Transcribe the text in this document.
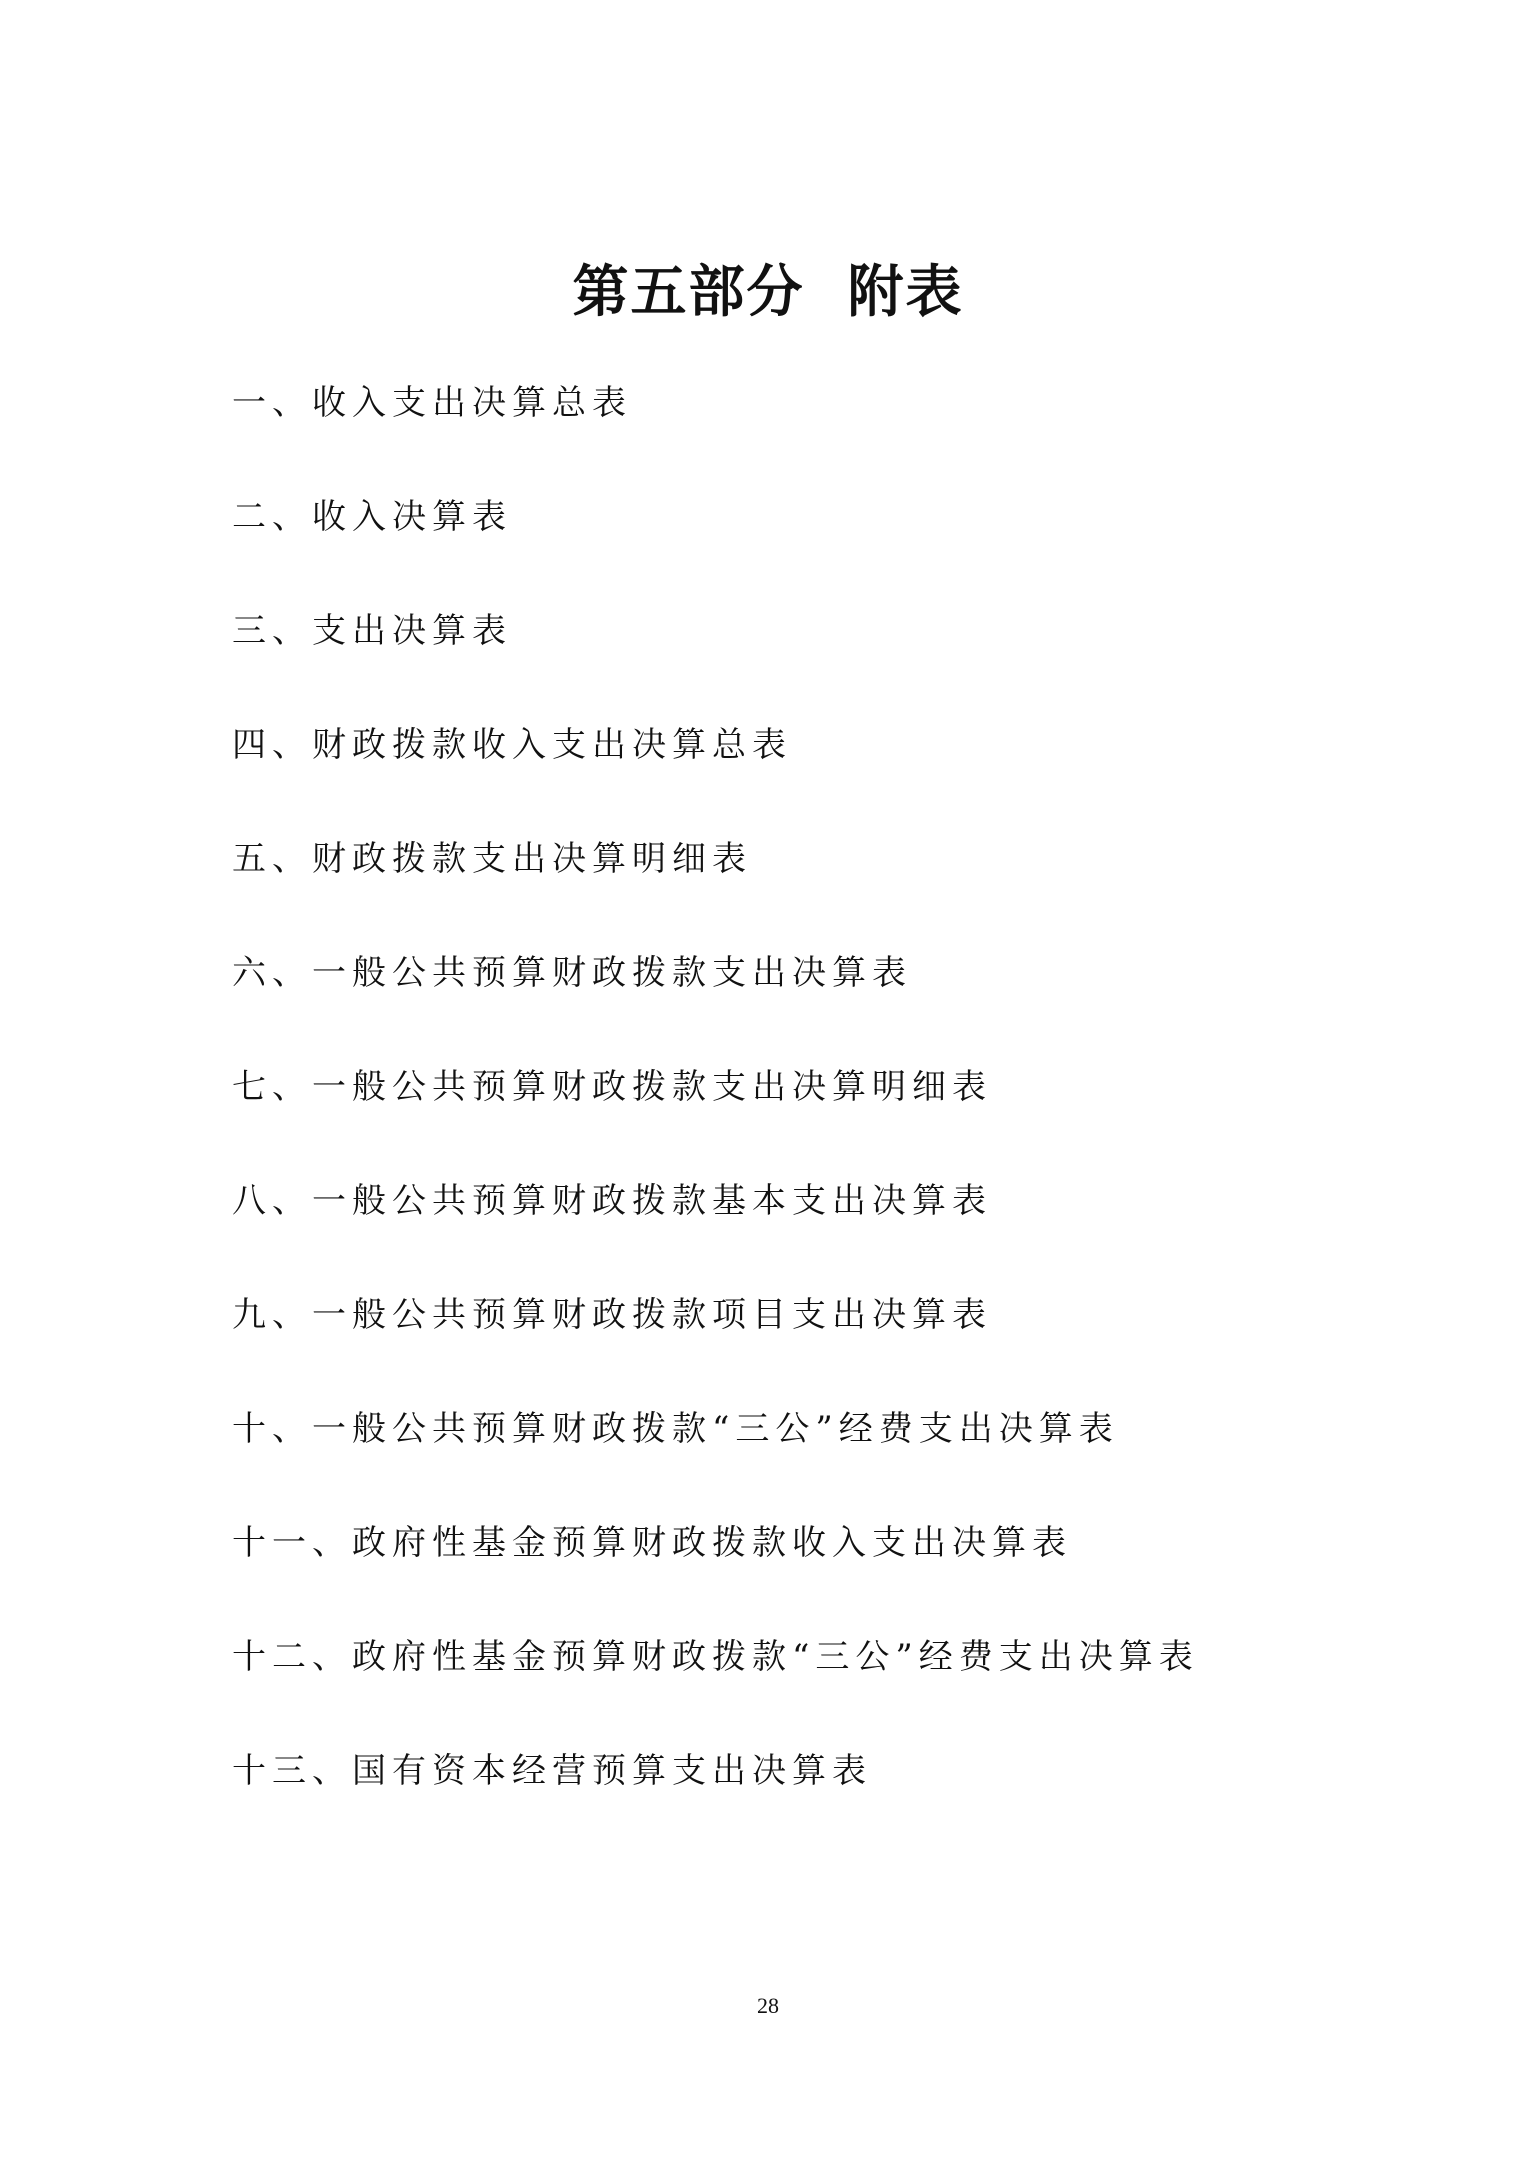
第五部分  附表
一、收入支出决算总表
二、收入决算表
三、支出决算表
四、财政拨款收入支出决算总表
五、财政拨款支出决算明细表
六、一般公共预算财政拨款支出决算表
七、一般公共预算财政拨款支出决算明细表
八、一般公共预算财政拨款基本支出决算表
九、一般公共预算财政拨款项目支出决算表
十、一般公共预算财政拨款“三公”经费支出决算表
十一、政府性基金预算财政拨款收入支出决算表
十二、政府性基金预算财政拨款“三公”经费支出决算表
十三、国有资本经营预算支出决算表
28
